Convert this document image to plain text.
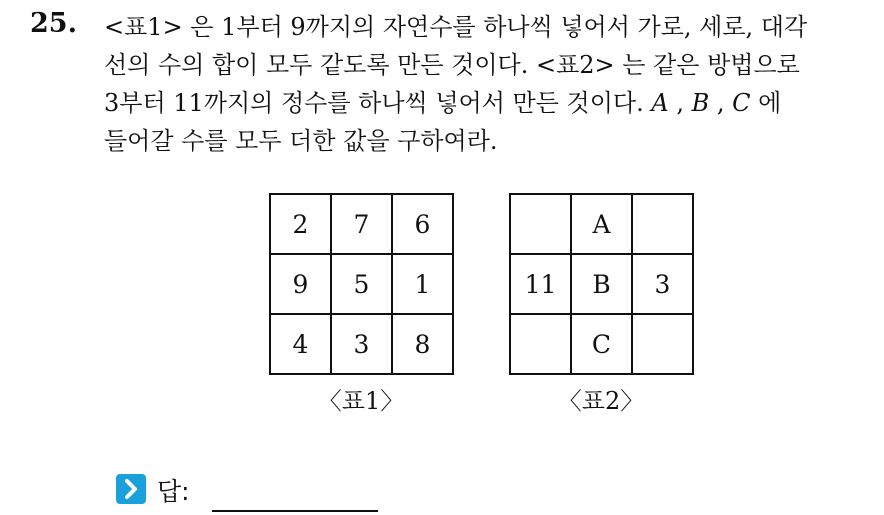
25. <표1> 은 1부터 9까지의 자연수를 하나씩 넣어서 가로, 세로, 대각
선의 수의 합이 모두 같도록 만든 것이다. <표2> 는 같은 방법으로
3부터 11까지의 정수를 하나씩 넣어서 만든 것이다. A , B , C 에
들어갈 수를 모두 더한 값을 구하여라.
2	7	6
9	5	1
4	3	8
	A	
11	B	3
	C	
〈표1〉	〈표2〉
답:
